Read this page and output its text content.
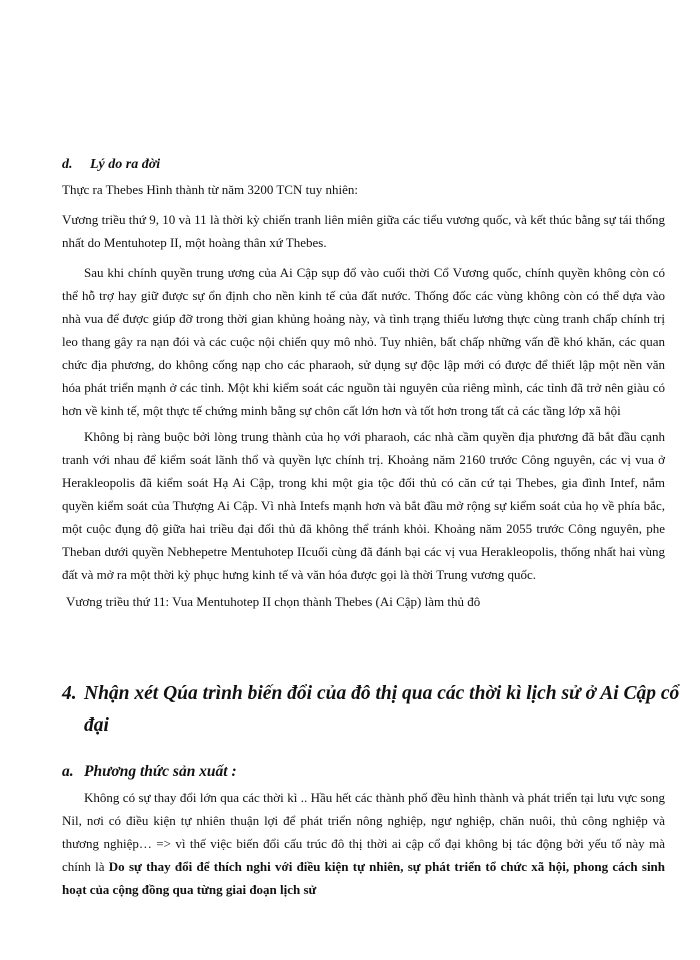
d. Lý do ra đời
Thực ra Thebes Hình thành từ năm 3200 TCN tuy nhiên:
Vương triều thứ 9, 10 và 11 là thời kỳ chiến tranh liên miên giữa các tiểu vương quốc, và kết thúc bằng sự tái thống nhất do Mentuhotep II, một hoàng thân xứ Thebes.
Sau khi chính quyền trung ương của Ai Cập sụp đổ vào cuối thời Cổ Vương quốc, chính quyền không còn có thể hỗ trợ hay giữ được sự ổn định cho nền kinh tế của đất nước. Thống đốc các vùng không còn có thể dựa vào nhà vua để được giúp đỡ trong thời gian khủng hoảng này, và tình trạng thiếu lương thực cùng tranh chấp chính trị leo thang gây ra nạn đói và các cuộc nội chiến quy mô nhỏ. Tuy nhiên, bất chấp những vấn đề khó khăn, các quan chức địa phương, do không cống nạp cho các pharaoh, sử dụng sự độc lập mới có được để thiết lập một nền văn hóa phát triển mạnh ở các tỉnh. Một khi kiểm soát các nguồn tài nguyên của riêng mình, các tỉnh đã trở nên giàu có hơn về kinh tế, một thực tế chứng minh bằng sự chôn cất lớn hơn và tốt hơn trong tất cả các tầng lớp xã hội
Không bị ràng buộc bởi lòng trung thành của họ với pharaoh, các nhà cầm quyền địa phương đã bắt đầu cạnh tranh với nhau để kiểm soát lãnh thổ và quyền lực chính trị. Khoảng năm 2160 trước Công nguyên, các vị vua ở Herakleopolis đã kiểm soát Hạ Ai Cập, trong khi một gia tộc đối thủ có căn cứ tại Thebes, gia đình Intef, nắm quyền kiểm soát của Thượng Ai Cập. Vì nhà Intefs mạnh hơn và bắt đầu mở rộng sự kiểm soát của họ về phía bắc, một cuộc đụng độ giữa hai triều đại đối thủ đã không thể tránh khỏi. Khoảng năm 2055 trước Công nguyên, phe Theban dưới quyền Nebhepetre Mentuhotep IIcuối cùng đã đánh bại các vị vua Herakleopolis, thống nhất hai vùng đất và mở ra một thời kỳ phục hưng kinh tế và văn hóa được gọi là thời Trung vương quốc.
Vương triều thứ 11: Vua Mentuhotep II chọn thành Thebes (Ai Cập) làm thủ đô
4. Nhận xét Qúa trình biến đổi của đô thị qua các thời kì lịch sử ở Ai Cập cổ đại
a. Phương thức sản xuất :
Không có sự thay đổi lớn qua các thời kì .. Hầu hết các thành phố đều hình thành và phát triển tại lưu vực song Nil, nơi có điều kiện tự nhiên thuận lợi để phát triển nông nghiệp, ngư nghiệp, chăn nuôi, thủ công nghiệp và thương nghiệp… => vì thế việc biến đổi cấu trúc đô thị thời ai cập cổ đại không bị tác động bởi yếu tố này mà chính là Do sự thay đổi để thích nghi với điều kiện tự nhiên, sự phát triển tổ chức xã hội, phong cách sinh hoạt của cộng đồng qua từng giai đoạn lịch sử
